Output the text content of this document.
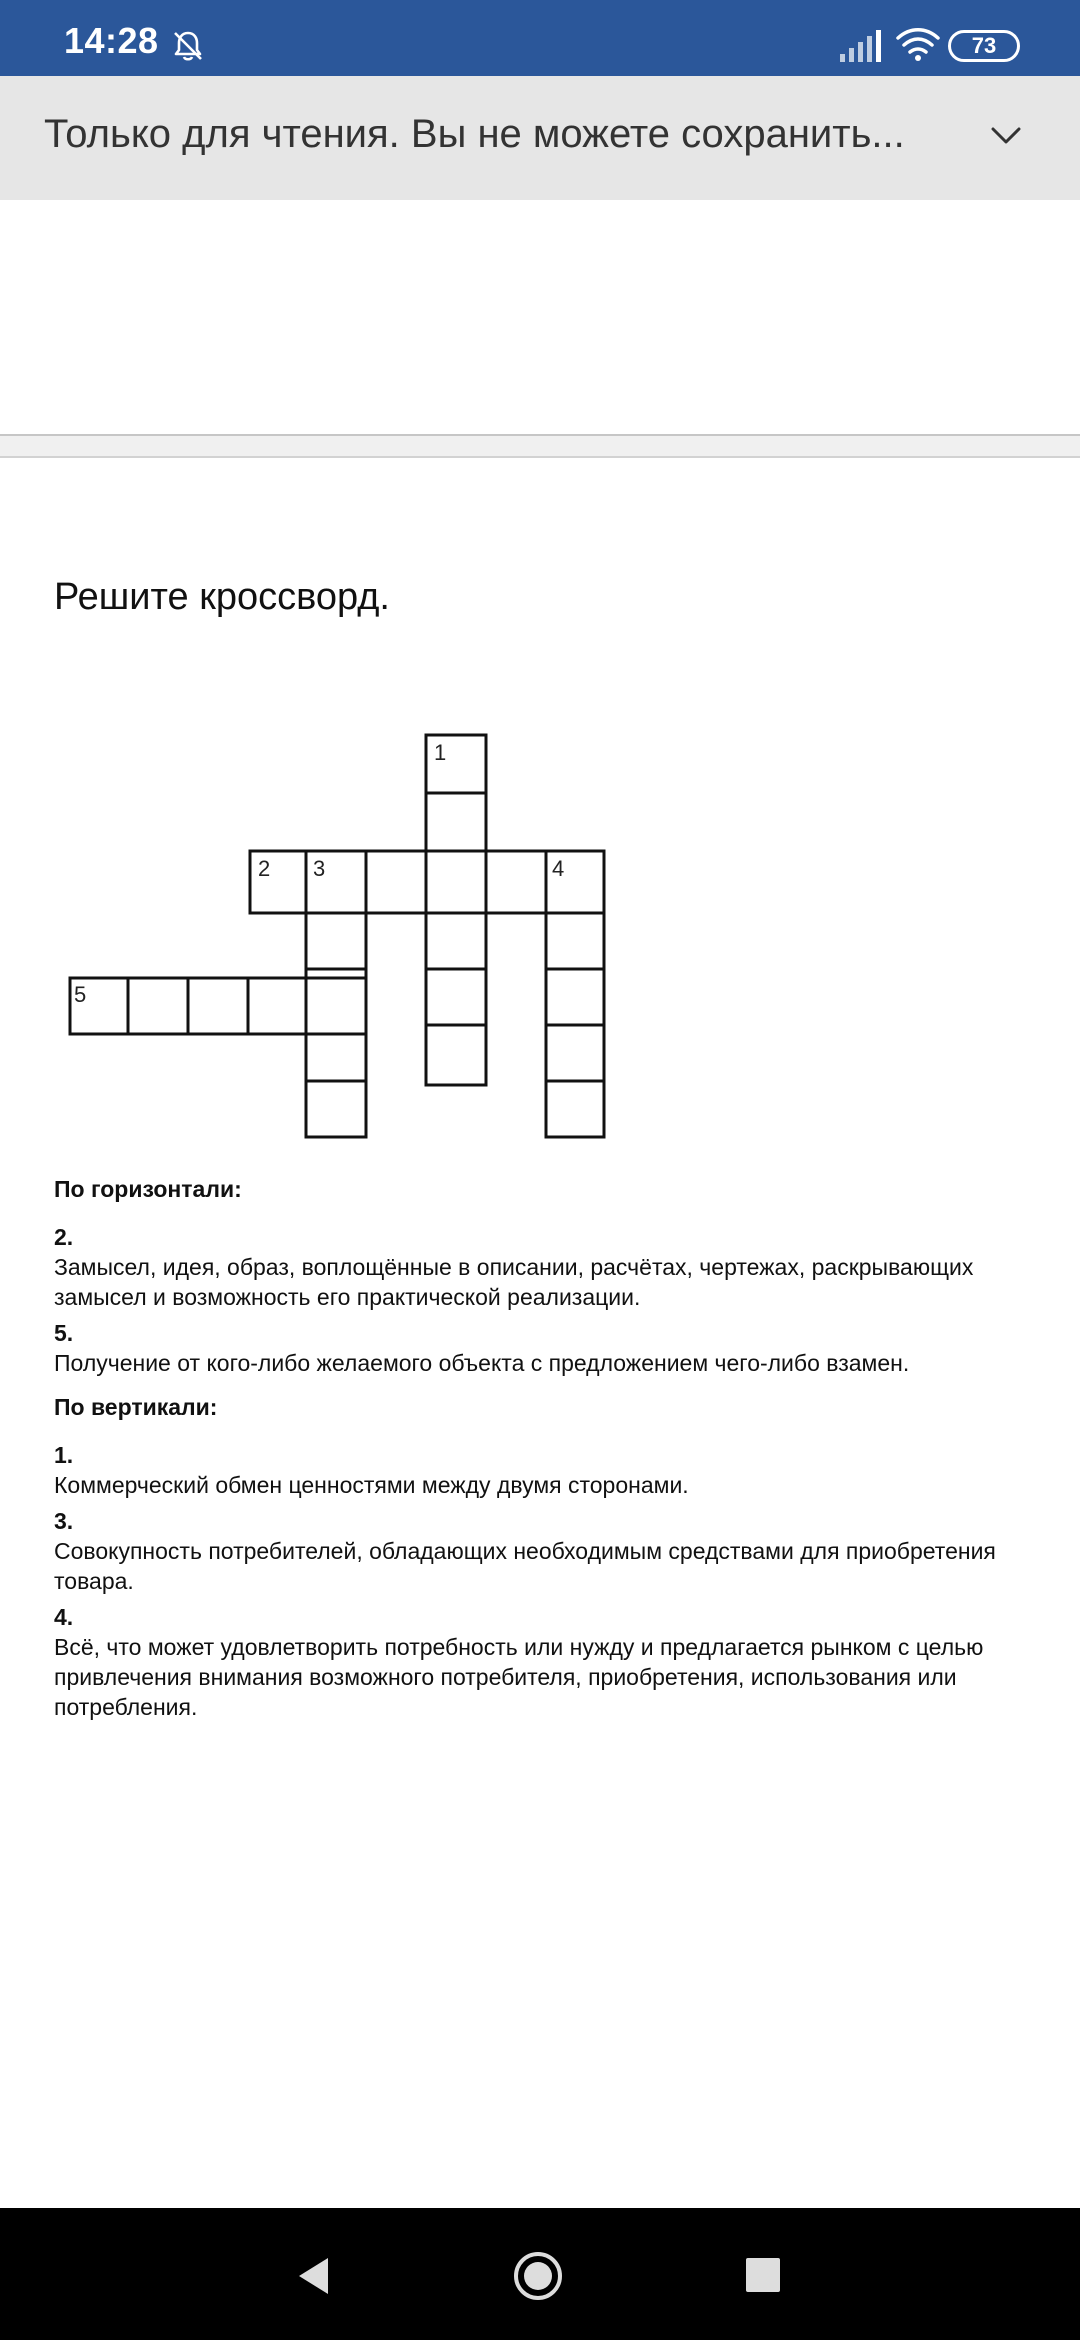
14:28	73
Только для чтения. Вы не можете сохранить...
Решите кроссворд.
1
2 3	4
5
По горизонтали:
2.
Замысел, идея, образ, воплощённые в описании, расчётах, чертежах, раскрывающих замысел и возможность его практической реализации.
5.
Получение от кого-либо желаемого объекта с предложением чего-либо взамен.
По вертикали:
1.
Коммерческий обмен ценностями между двумя сторонами.
3.
Совокупность потребителей, обладающих необходимым средствами для приобретения товара.
4.
Всё, что может удовлетворить потребность или нужду и предлагается рынком с целью привлечения внимания возможного потребителя, приобретения, использования или потребления.
